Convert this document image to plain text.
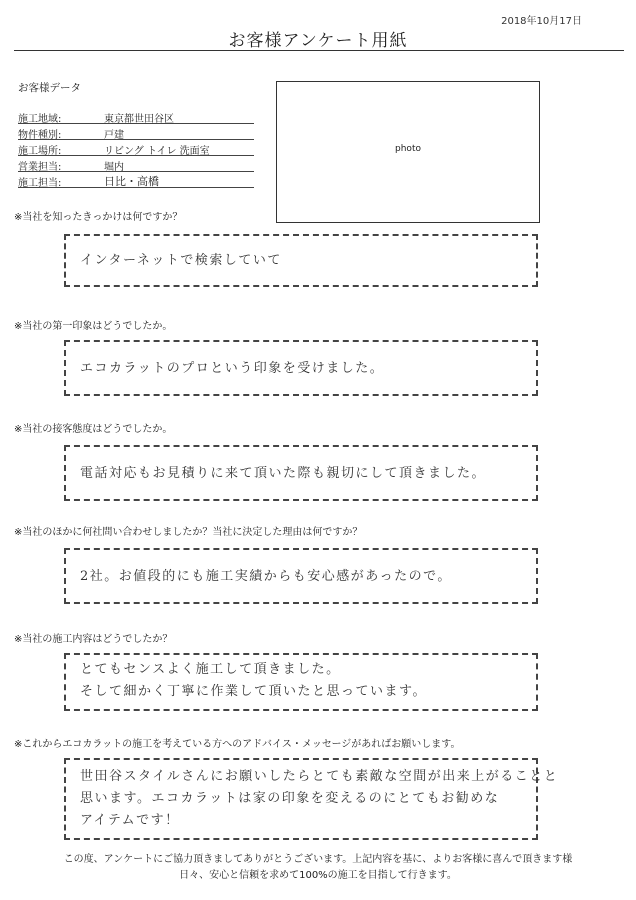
2018年10月17日
お客様アンケート用紙
お客様データ
施工地域:	東京都世田谷区
物件種別:	戸建
施工場所:	リビング トイレ 洗面室
営業担当:	堀内
施工担当:	日比・高橋
photo
※当社を知ったきっかけは何ですか？
インターネットで検索していて
※当社の第一印象はどうでしたか。
エコカラットのプロという印象を受けました。
※当社の接客態度はどうでしたか。
電話対応もお見積りに来て頂いた際も親切にして頂きました。
※当社のほかに何社問い合わせしましたか？当社に決定した理由は何ですか？
2社。お値段的にも施工実績からも安心感があったので。
※当社の施工内容はどうでしたか？
とてもセンスよく施工して頂きました。
そして細かく丁寧に作業して頂いたと思っています。
※これからエコカラットの施工を考えている方へのアドバイス・メッセージがあればお願いします。
世田谷スタイルさんにお願いしたらとても素敵な空間が出来上がることと
思います。エコカラットは家の印象を変えるのにとてもお勧めな
アイテムです！
この度、アンケートにご協力頂きましてありがとうございます。上記内容を基に、よりお客様に喜んで頂きます様
日々、安心と信頼を求めて100%の施工を目指して行きます。
